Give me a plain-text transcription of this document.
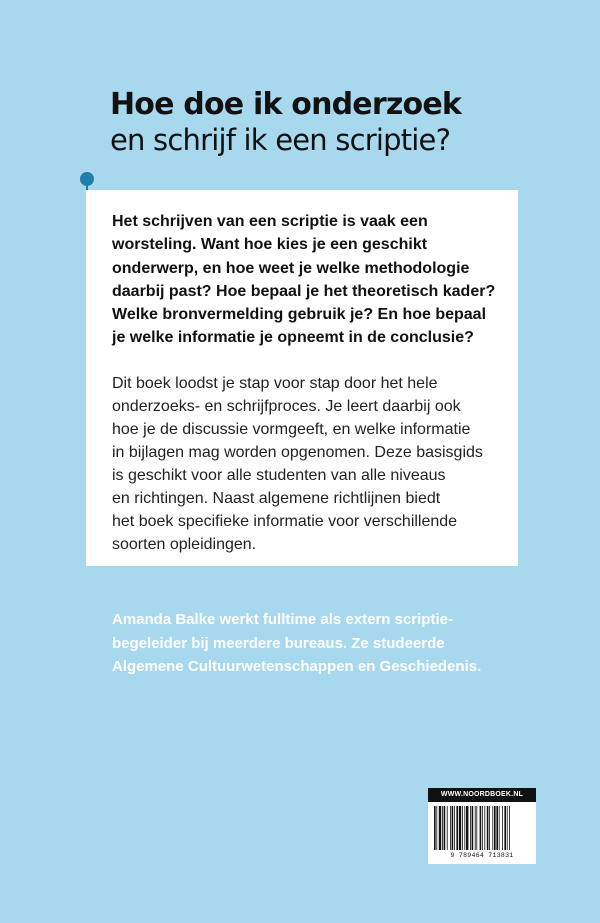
Hoe doe ik onderzoek
en schrijf ik een scriptie?
Het schrijven van een scriptie is vaak een
worsteling. Want hoe kies je een geschikt
onderwerp, en hoe weet je welke methodologie
daarbij past? Hoe bepaal je het theoretisch kader?
Welke bronvermelding gebruik je? En hoe bepaal
je welke informatie je opneemt in de conclusie?
Dit boek loodst je stap voor stap door het hele
onderzoeks- en schrijfproces. Je leert daarbij ook
hoe je de discussie vormgeeft, en welke informatie
in bijlagen mag worden opgenomen. Deze basisgids
is geschikt voor alle studenten van alle niveaus
en richtingen. Naast algemene richtlijnen biedt
het boek specifieke informatie voor verschillende
soorten opleidingen.
Amanda Balke werkt fulltime als extern scriptie-
begeleider bij meerdere bureaus. Ze studeerde
Algemene Cultuurwetenschappen en Geschiedenis.
WWW.NOORDBOEK.NL
9 789464 713831
